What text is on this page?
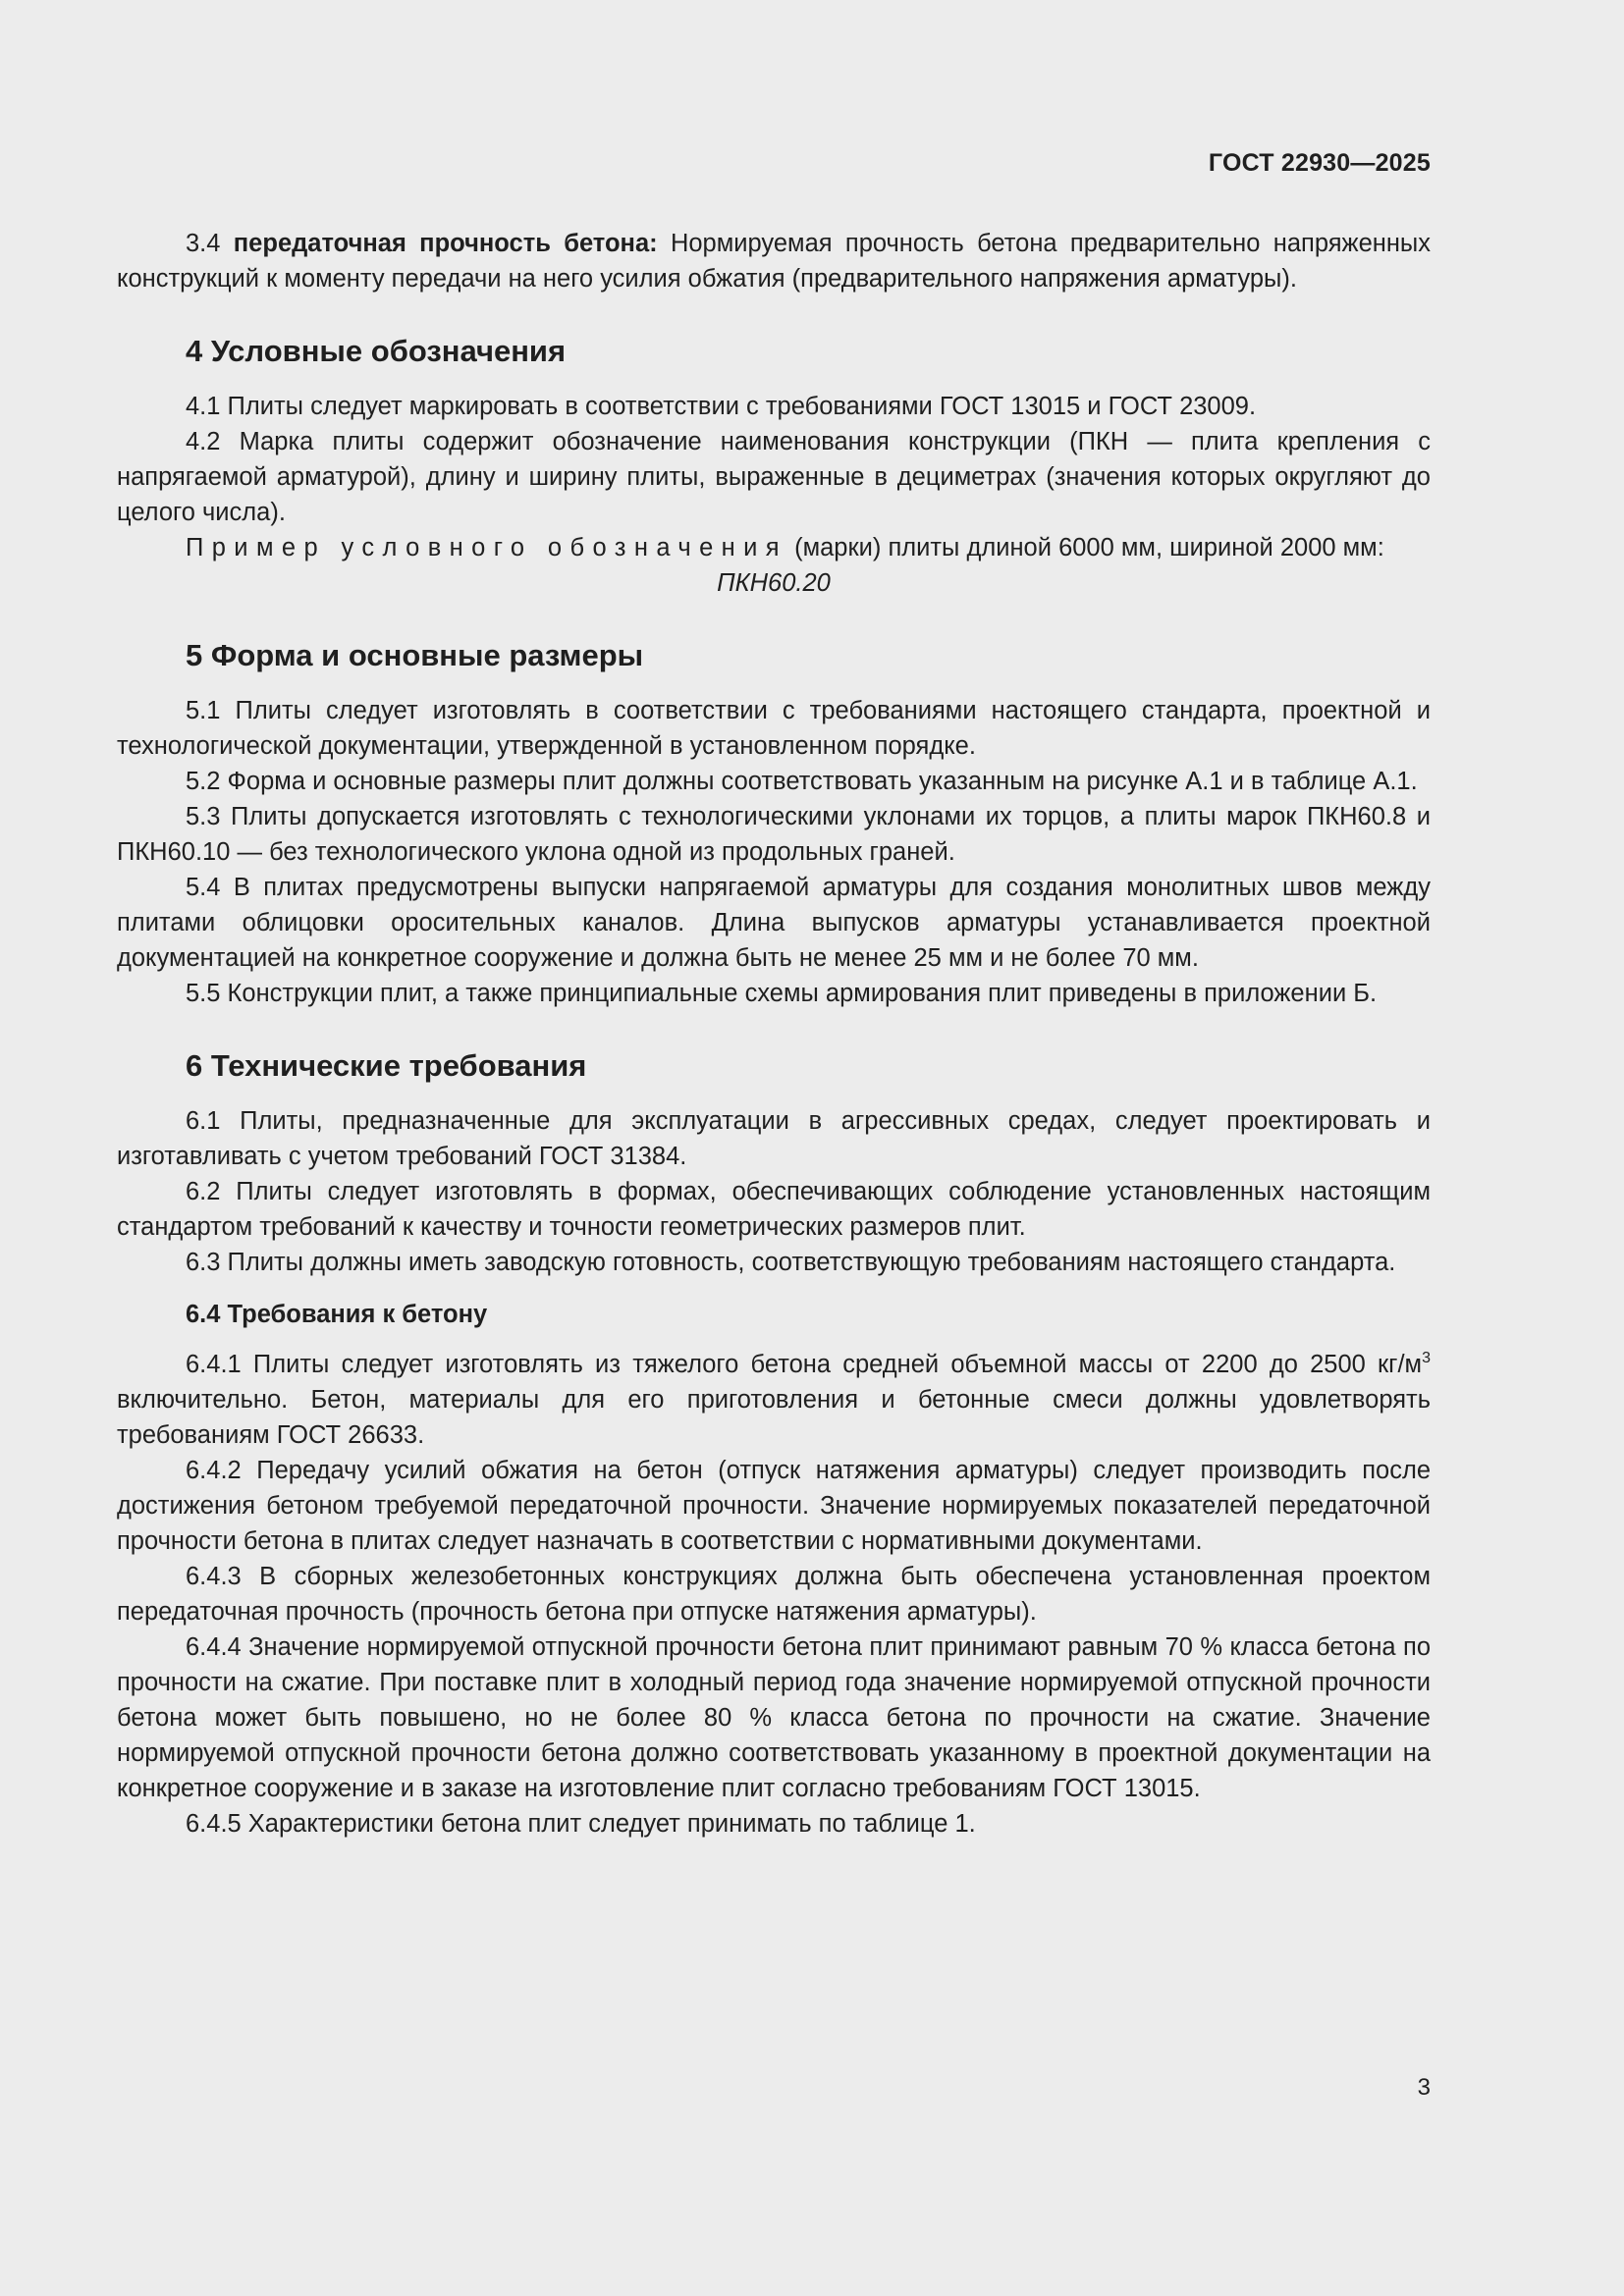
ГОСТ 22930—2025

3.4 передаточная прочность бетона: Нормируемая прочность бетона предварительно напряженных конструкций к моменту передачи на него усилия обжатия (предварительного напряжения арматуры).

4 Условные обозначения

4.1 Плиты следует маркировать в соответствии с требованиями ГОСТ 13015 и ГОСТ 23009.

4.2 Марка плиты содержит обозначение наименования конструкции (ПКН — плита крепления с напрягаемой арматурой), длину и ширину плиты, выраженные в дециметрах (значения которых округляют до целого числа).

Пример условного обозначения (марки) плиты длиной 6000 мм, шириной 2000 мм:

ПКН60.20

5 Форма и основные размеры

5.1 Плиты следует изготовлять в соответствии с требованиями настоящего стандарта, проектной и технологической документации, утвержденной в установленном порядке.

5.2 Форма и основные размеры плит должны соответствовать указанным на рисунке А.1 и в таблице А.1.

5.3 Плиты допускается изготовлять с технологическими уклонами их торцов, а плиты марок ПКН60.8 и ПКН60.10 — без технологического уклона одной из продольных граней.

5.4 В плитах предусмотрены выпуски напрягаемой арматуры для создания монолитных швов между плитами облицовки оросительных каналов. Длина выпусков арматуры устанавливается проектной документацией на конкретное сооружение и должна быть не менее 25 мм и не более 70 мм.

5.5 Конструкции плит, а также принципиальные схемы армирования плит приведены в приложении Б.

6 Технические требования

6.1 Плиты, предназначенные для эксплуатации в агрессивных средах, следует проектировать и изготавливать с учетом требований ГОСТ 31384.

6.2 Плиты следует изготовлять в формах, обеспечивающих соблюдение установленных настоящим стандартом требований к качеству и точности геометрических размеров плит.

6.3 Плиты должны иметь заводскую готовность, соответствующую требованиям настоящего стандарта.

6.4 Требования к бетону

6.4.1 Плиты следует изготовлять из тяжелого бетона средней объемной массы от 2200 до 2500 $кг/м^3$ включительно. Бетон, материалы для его приготовления и бетонные смеси должны удовлетворять требованиям ГОСТ 26633.

6.4.2 Передачу усилий обжатия на бетон (отпуск натяжения арматуры) следует производить после достижения бетоном требуемой передаточной прочности. Значение нормируемых показателей передаточной прочности бетона в плитах следует назначать в соответствии с нормативными документами.

6.4.3 В сборных железобетонных конструкциях должна быть обеспечена установленная проектом передаточная прочность (прочность бетона при отпуске натяжения арматуры).

6.4.4 Значение нормируемой отпускной прочности бетона плит принимают равным 70 % класса бетона по прочности на сжатие. При поставке плит в холодный период года значение нормируемой отпускной прочности бетона может быть повышено, но не более 80 % класса бетона по прочности на сжатие. Значение нормируемой отпускной прочности бетона должно соответствовать указанному в проектной документации на конкретное сооружение и в заказе на изготовление плит согласно требованиям ГОСТ 13015.

6.4.5 Характеристики бетона плит следует принимать по таблице 1.

3
